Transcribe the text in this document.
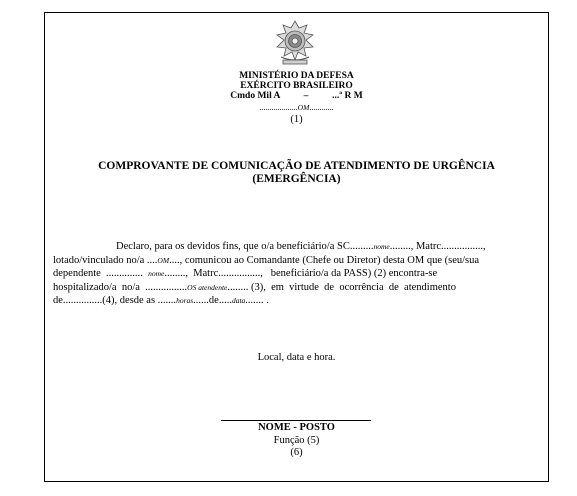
MINISTÉRIO DA DEFESA
EXÉRCITO BRASILEIRO
Cmdo Mil A          –          ...ª R M
...................OM............
(1)
COMPROVANTE DE COMUNICAÇÃO DE ATENDIMENTO DE URGÊNCIA
(EMERGÊNCIA)
Declaro, para os devidos fins, que o/a beneficiário/a SC.........nome........, Matrc................,
lotado/vinculado no/a ....OM...., comunicou ao Comandante (Chefe ou Diretor) desta OM que (seu/sua
dependente  ..............  nome........,  Matrc................,   beneficiário/a da PASS) (2) encontra-se
hospitalizado/a  no/a  ................OS atendente........ (3),  em  virtude  de  ocorrência  de  atendimento
de...............(4), desde as .......horas......de.....data....... .
Local, data e hora.
NOME - POSTO
Função (5)
(6)
